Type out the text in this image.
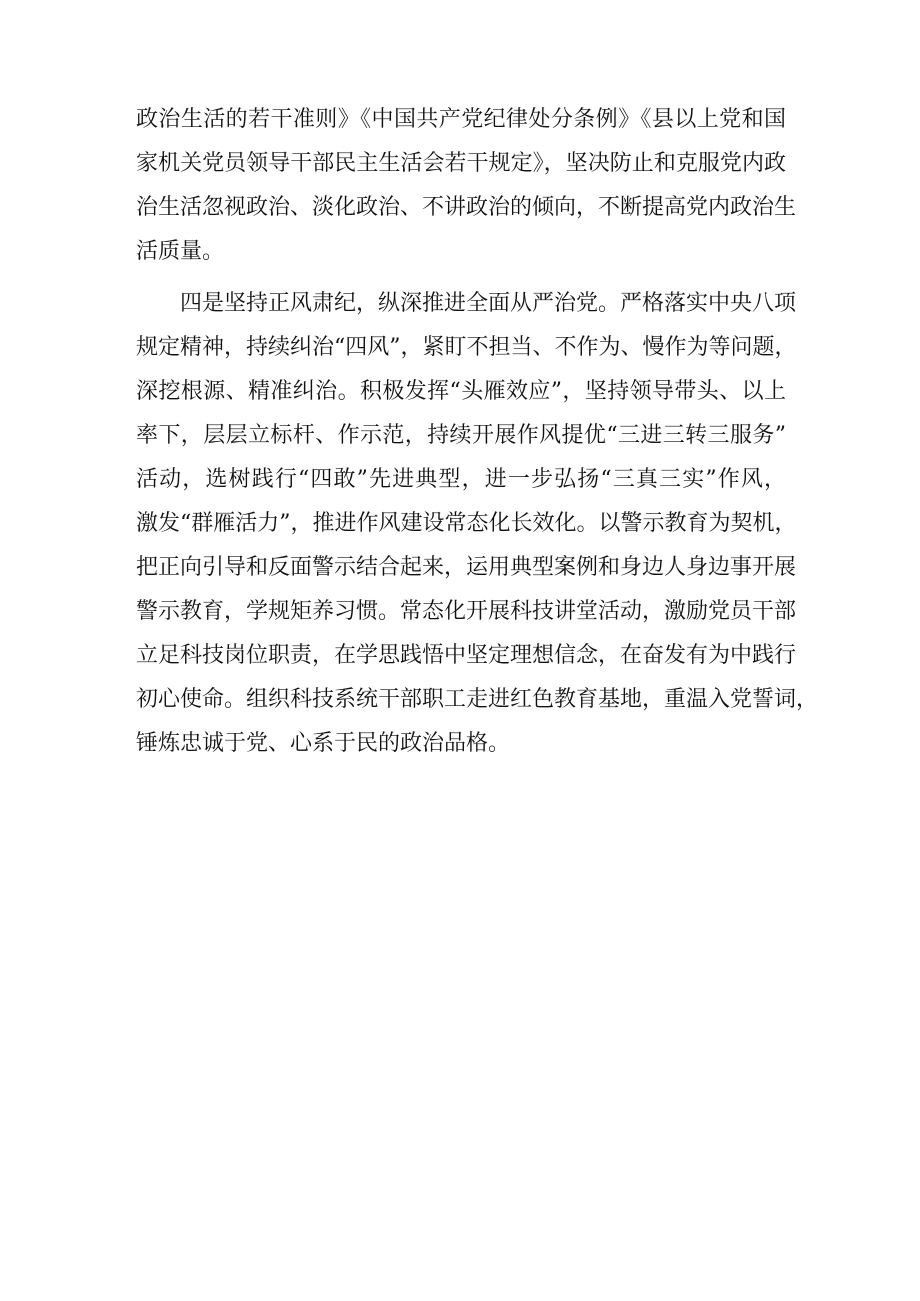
政治生活的若干准则》《中国共产党纪律处分条例》《县以上党和国
家机关党员领导干部民主生活会若干规定》，坚决防止和克服党内政
治生活忽视政治、淡化政治、不讲政治的倾向，不断提高党内政治生
活质量。
四是坚持正风肃纪，纵深推进全面从严治党。严格落实中央八项
规定精神，持续纠治“四风”，紧盯不担当、不作为、慢作为等问题，
深挖根源、精准纠治。积极发挥“头雁效应”，坚持领导带头、以上
率下，层层立标杆、作示范，持续开展作风提优“三进三转三服务”
活动，选树践行“四敢”先进典型，进一步弘扬“三真三实”作风，
激发“群雁活力”，推进作风建设常态化长效化。以警示教育为契机，
把正向引导和反面警示结合起来，运用典型案例和身边人身边事开展
警示教育，学规矩养习惯。常态化开展科技讲堂活动，激励党员干部
立足科技岗位职责，在学思践悟中坚定理想信念，在奋发有为中践行
初心使命。组织科技系统干部职工走进红色教育基地，重温入党誓词，
锤炼忠诚于党、心系于民的政治品格。
